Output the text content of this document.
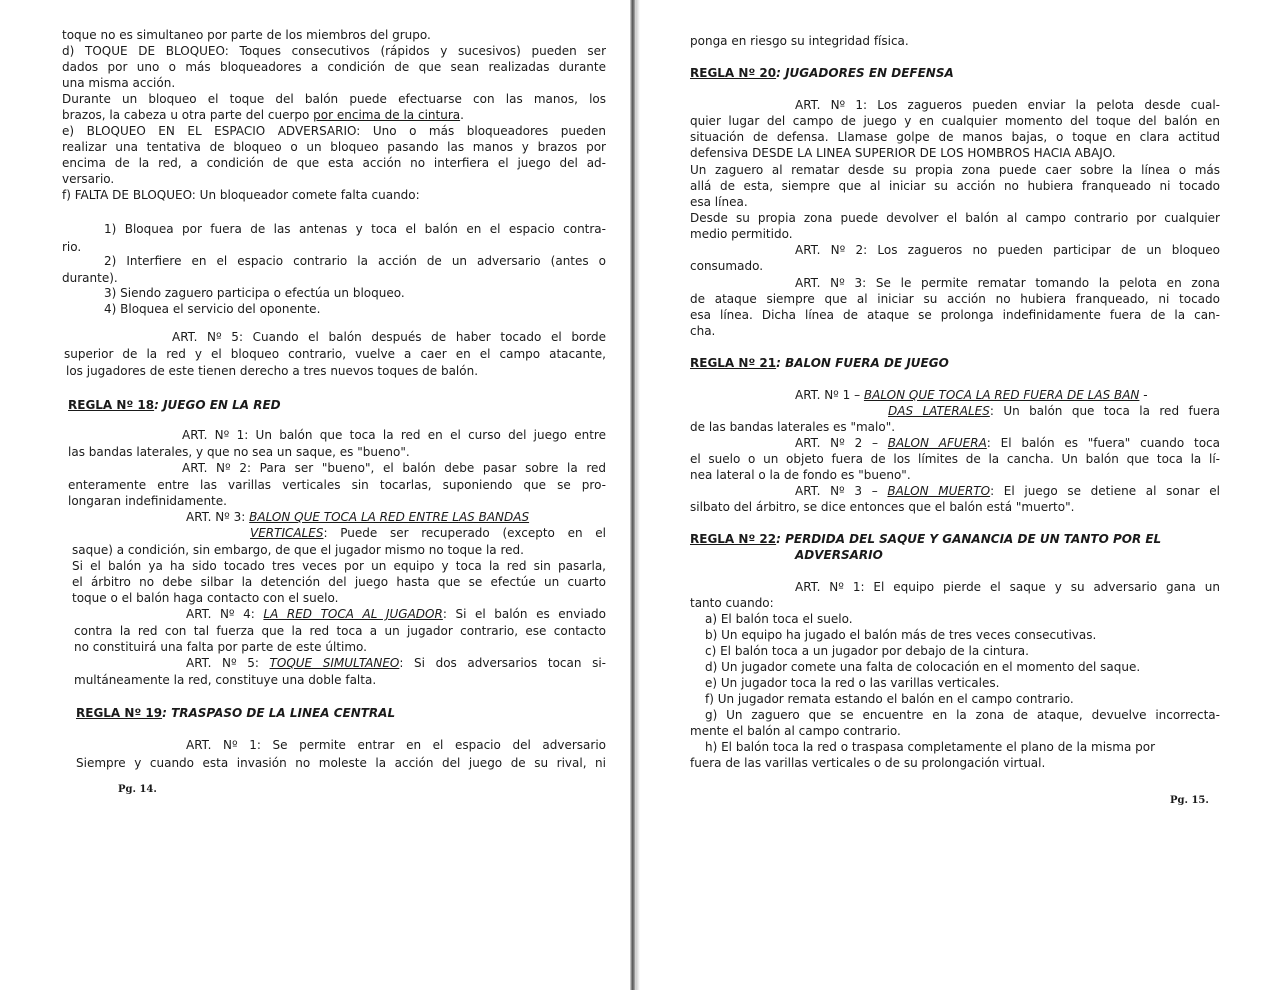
toque no es simultaneo por parte de los miembros del grupo.
d) TOQUE DE BLOQUEO: Toques consecutivos (rápidos y sucesivos) pueden ser
dados por uno o más bloqueadores a condición de que sean realizadas durante
una misma acción.
Durante un bloqueo el toque del balón puede efectuarse con las manos, los
brazos, la cabeza u otra parte del cuerpo por encima de la cintura.
e) BLOQUEO EN EL ESPACIO ADVERSARIO: Uno o más bloqueadores pueden
realizar una tentativa de bloqueo o un bloqueo pasando las manos y brazos por
encima de la red, a condición de que esta acción no interfiera el juego del ad-
versario.
f) FALTA DE BLOQUEO: Un bloqueador comete falta cuando:
1) Bloquea por fuera de las antenas y toca el balón en el espacio contra-
rio.
2) Interfiere en el espacio contrario la acción de un adversario (antes o
durante).
3) Siendo zaguero participa o efectúa un bloqueo.
4) Bloquea el servicio del oponente.
ART. Nº 5: Cuando el balón después de haber tocado el borde
superior de la red y el bloqueo contrario, vuelve a caer en el campo atacante,
los jugadores de este tienen derecho a tres nuevos toques de balón.
REGLA Nº 18: JUEGO EN LA RED
ART. Nº 1: Un balón que toca la red en el curso del juego entre
las bandas laterales, y que no sea un saque, es "bueno".
ART. Nº 2: Para ser "bueno", el balón debe pasar sobre la red
enteramente entre las varillas verticales sin tocarlas, suponiendo que se pro-
longaran indefinidamente.
ART. Nº 3: BALON QUE TOCA LA RED ENTRE LAS BANDAS
VERTICALES: Puede ser recuperado (excepto en el
saque) a condición, sin embargo, de que el jugador mismo no toque la red.
Si el balón ya ha sido tocado tres veces por un equipo y toca la red sin pasarla,
el árbitro no debe silbar la detención del juego hasta que se efectúe un cuarto
toque o el balón haga contacto con el suelo.
ART. Nº 4: LA RED TOCA AL JUGADOR: Si el balón es enviado
contra la red con tal fuerza que la red toca a un jugador contrario, ese contacto
no constituirá una falta por parte de este último.
ART. Nº 5: TOQUE SIMULTANEO: Si dos adversarios tocan si-
multáneamente la red, constituye una doble falta.
REGLA Nº 19: TRASPASO DE LA LINEA CENTRAL
ART. Nº 1: Se permite entrar en el espacio del adversario
Siempre y cuando esta invasión no moleste la acción del juego de su rival, ni
ponga en riesgo su integridad física.
REGLA Nº 20: JUGADORES EN DEFENSA
ART. Nº 1: Los zagueros pueden enviar la pelota desde cual-
quier lugar del campo de juego y en cualquier momento del toque del balón en
situación de defensa. Llamase golpe de manos bajas, o toque en clara actitud
defensiva DESDE LA LINEA SUPERIOR DE LOS HOMBROS HACIA ABAJO.
Un zaguero al rematar desde su propia zona puede caer sobre la línea o más
allá de esta, siempre que al iniciar su acción no hubiera franqueado ni tocado
esa línea.
Desde su propia zona puede devolver el balón al campo contrario por cualquier
medio permitido.
ART. Nº 2: Los zagueros no pueden participar de un bloqueo
consumado.
ART. Nº 3: Se le permite rematar tomando la pelota en zona
de ataque siempre que al iniciar su acción no hubiera franqueado, ni tocado
esa línea. Dicha línea de ataque se prolonga indefinidamente fuera de la can-
cha.
REGLA Nº 21: BALON FUERA DE JUEGO
ART. Nº 1 – BALON QUE TOCA LA RED FUERA DE LAS BAN -
DAS LATERALES: Un balón que toca la red fuera
de las bandas laterales es "malo".
ART. Nº 2 – BALON AFUERA: El balón es "fuera" cuando toca
el suelo o un objeto fuera de los límites de la cancha. Un balón que toca la lí-
nea lateral o la de fondo es "bueno".
ART. Nº 3 – BALON MUERTO: El juego se detiene al sonar el
silbato del árbitro, se dice entonces que el balón está "muerto".
REGLA Nº 22: PERDIDA DEL SAQUE Y GANANCIA DE UN TANTO POR EL
ADVERSARIO
ART. Nº 1: El equipo pierde el saque y su adversario gana un
tanto cuando:
a) El balón toca el suelo.
b) Un equipo ha jugado el balón más de tres veces consecutivas.
c) El balón toca a un jugador por debajo de la cintura.
d) Un jugador comete una falta de colocación en el momento del saque.
e) Un jugador toca la red o las varillas verticales.
f) Un jugador remata estando el balón en el campo contrario.
g) Un zaguero que se encuentre en la zona de ataque, devuelve incorrecta-
mente el balón al campo contrario.
h) El balón toca la red o traspasa completamente el plano de la misma por
fuera de las varillas verticales o de su prolongación virtual.
Pg. 14.
Pg. 15.
